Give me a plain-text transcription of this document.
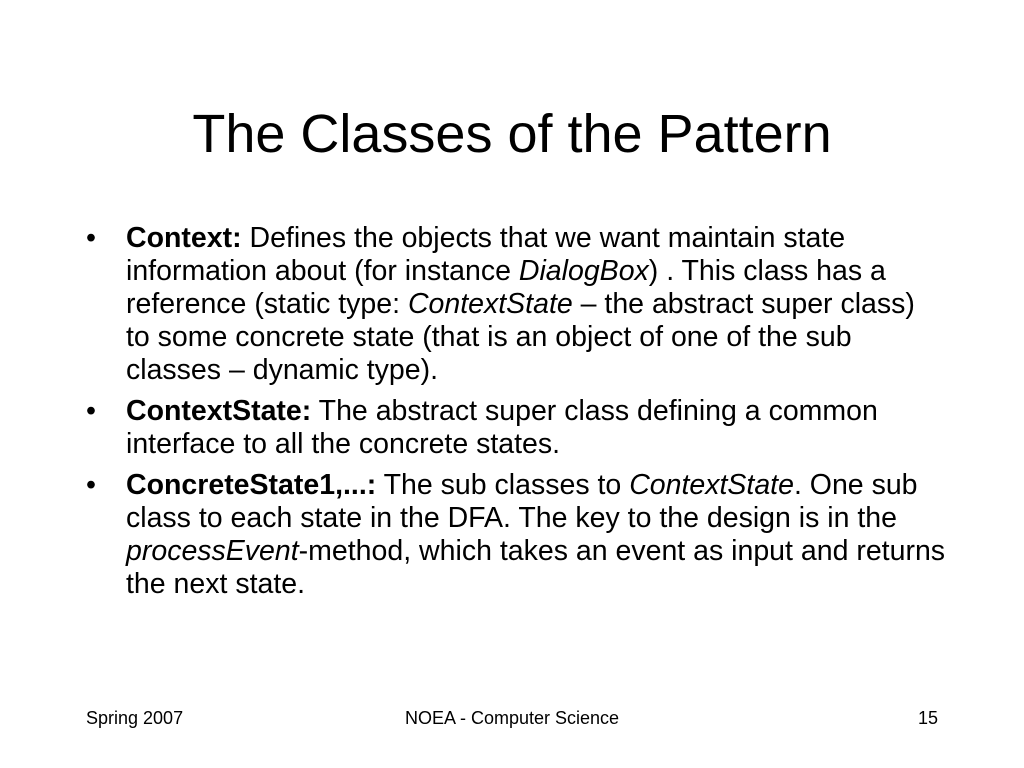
The Classes of the Pattern
• Context: Defines the objects that we want maintain state information about (for instance DialogBox) . This class has a reference (static type: ContextState – the abstract super class) to some concrete state (that is an object of one of the sub classes – dynamic type).
• ContextState: The abstract super class defining a common interface to all the concrete states.
• ConcreteState1,...: The sub classes to ContextState. One sub class to each state in the DFA. The key to the design is in the processEvent-method, which takes an event as input and returns the next state.
Spring 2007	NOEA - Computer Science	15
